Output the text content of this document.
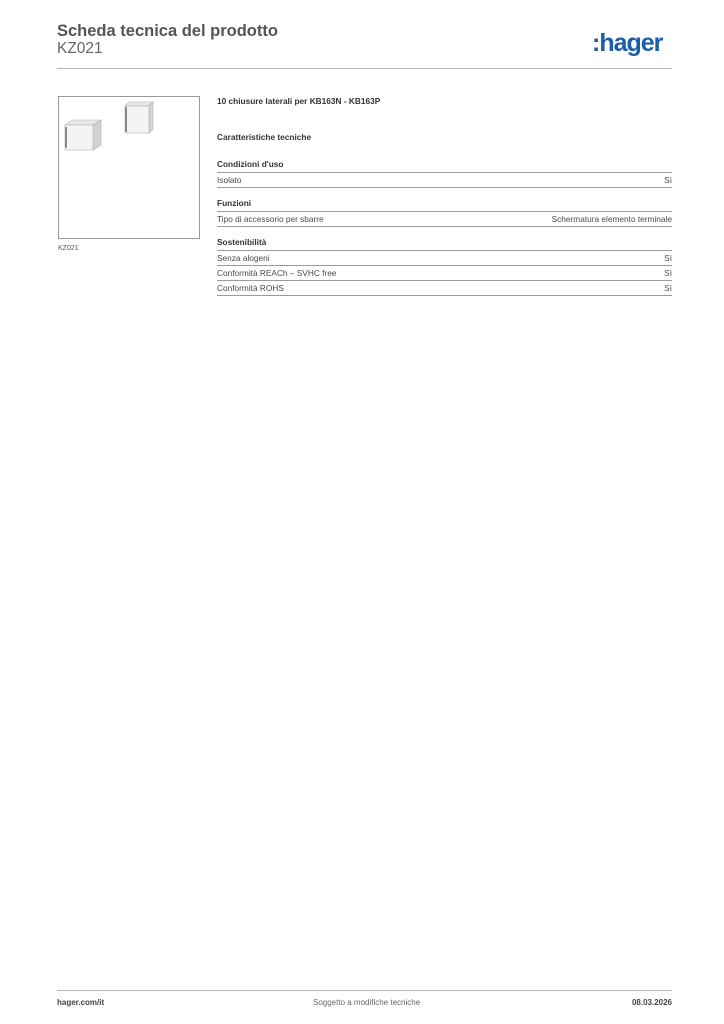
Scheda tecnica del prodotto
KZ021	:hager
KZ021
10 chiusure laterali per KB163N - KB163P
Caratteristiche tecniche
Condizioni d'uso
Isolato	Sì
Funzioni
Tipo di accessorio per sbarre	Schermatura elemento terminale
Sostenibilità
Senza alogeni	Sì
Conformità REACh – SVHC free	Sì
Conformità ROHS	Sì
hager.com/it	Soggetto a modifiche tecniche	08.03.2026
